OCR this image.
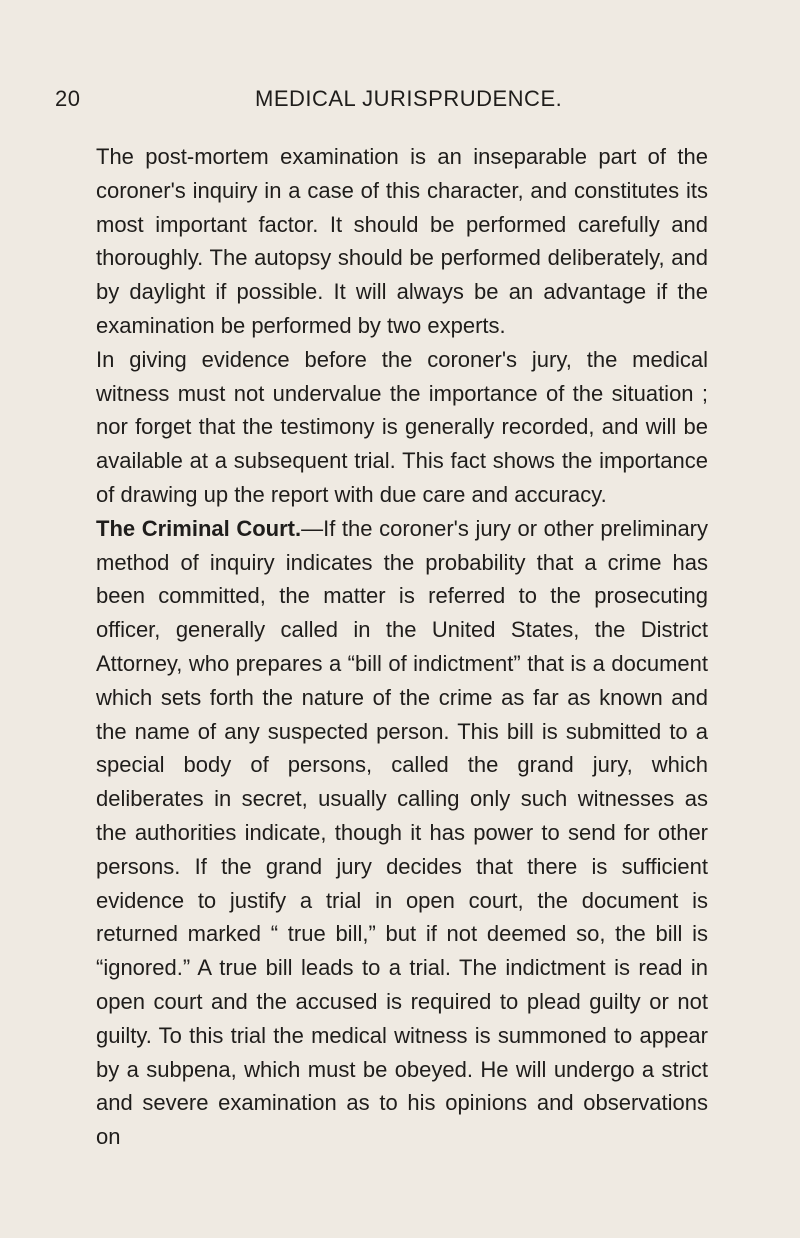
20	MEDICAL JURISPRUDENCE.

The post-mortem examination is an inseparable part of the coroner's inquiry in a case of this character, and constitutes its most important factor. It should be performed carefully and thoroughly. The autopsy should be performed deliberately, and by daylight if possible. It will always be an advantage if the examination be performed by two experts.

In giving evidence before the coroner's jury, the medical witness must not undervalue the importance of the situation ; nor forget that the testimony is generally recorded, and will be available at a subsequent trial. This fact shows the importance of drawing up the report with due care and accuracy.

The Criminal Court.—If the coroner's jury or other preliminary method of inquiry indicates the probability that a crime has been committed, the matter is referred to the prosecuting officer, generally called in the United States, the District Attorney, who prepares a “bill of indictment” that is a document which sets forth the nature of the crime as far as known and the name of any suspected person. This bill is submitted to a special body of persons, called the grand jury, which deliberates in secret, usually calling only such witnesses as the authorities indicate, though it has power to send for other persons. If the grand jury decides that there is sufficient evidence to justify a trial in open court, the document is returned marked “ true bill,” but if not deemed so, the bill is “ignored.” A true bill leads to a trial. The indictment is read in open court and the accused is required to plead guilty or not guilty. To this trial the medical witness is summoned to appear by a subpena, which must be obeyed. He will undergo a strict and severe examination as to his opinions and observations on
